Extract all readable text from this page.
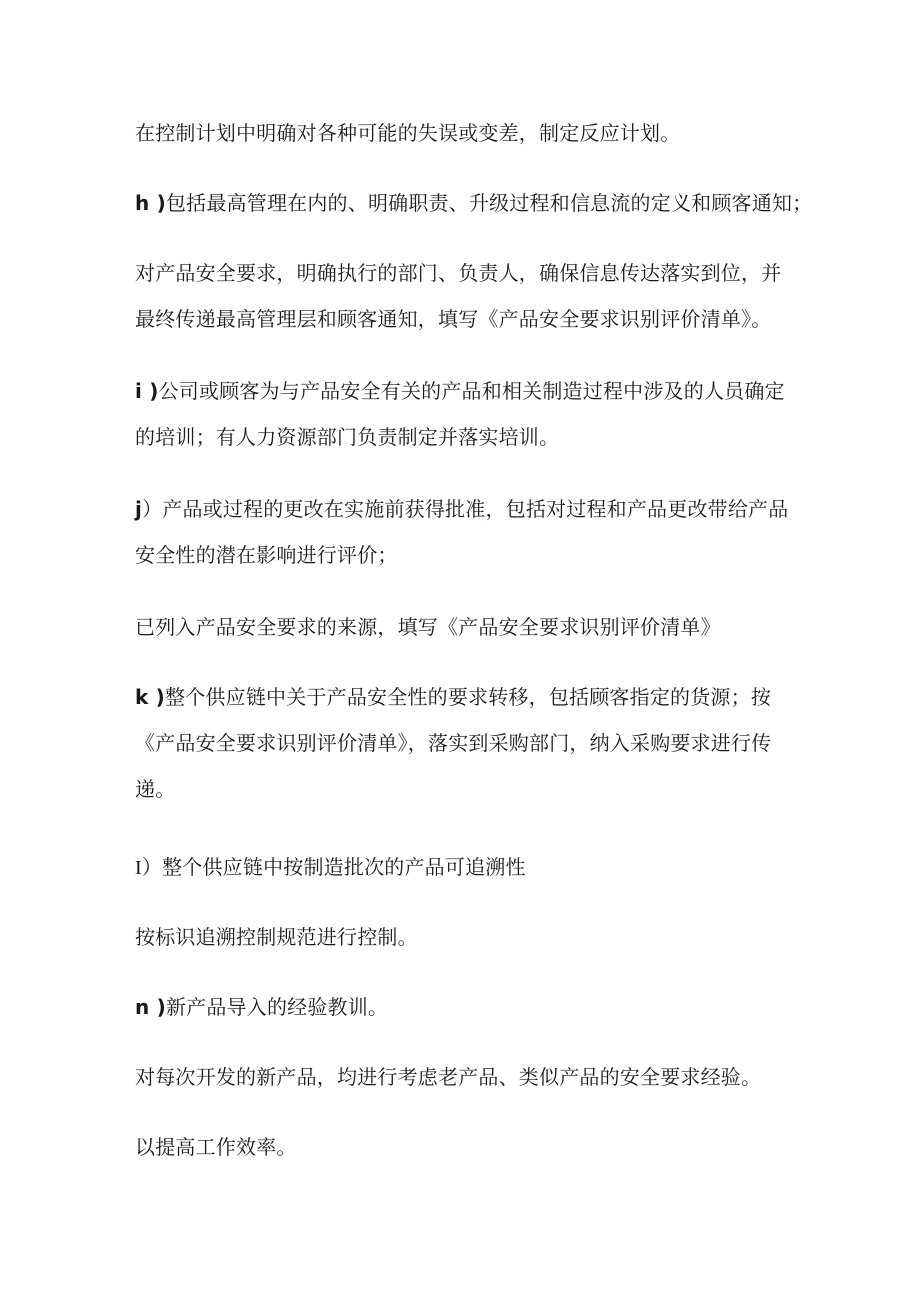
在控制计划中明确对各种可能的失误或变差，制定反应计划。

h )包括最高管理在内的、明确职责、升级过程和信息流的定义和顾客通知；

对产品安全要求，明确执行的部门、负责人，确保信息传达落实到位，并最终传递最高管理层和顾客通知，填写《产品安全要求识别评价清单》。

i )公司或顾客为与产品安全有关的产品和相关制造过程中涉及的人员确定的培训；有人力资源部门负责制定并落实培训。

j）产品或过程的更改在实施前获得批准，包括对过程和产品更改带给产品安全性的潜在影响进行评价；

已列入产品安全要求的来源，填写《产品安全要求识别评价清单》

k )整个供应链中关于产品安全性的要求转移，包括顾客指定的货源；按《产品安全要求识别评价清单》，落实到采购部门，纳入采购要求进行传递。

I）整个供应链中按制造批次的产品可追溯性

按标识追溯控制规范进行控制。

n )新产品导入的经验教训。

对每次开发的新产品，均进行考虑老产品、类似产品的安全要求经验。

以提高工作效率。
